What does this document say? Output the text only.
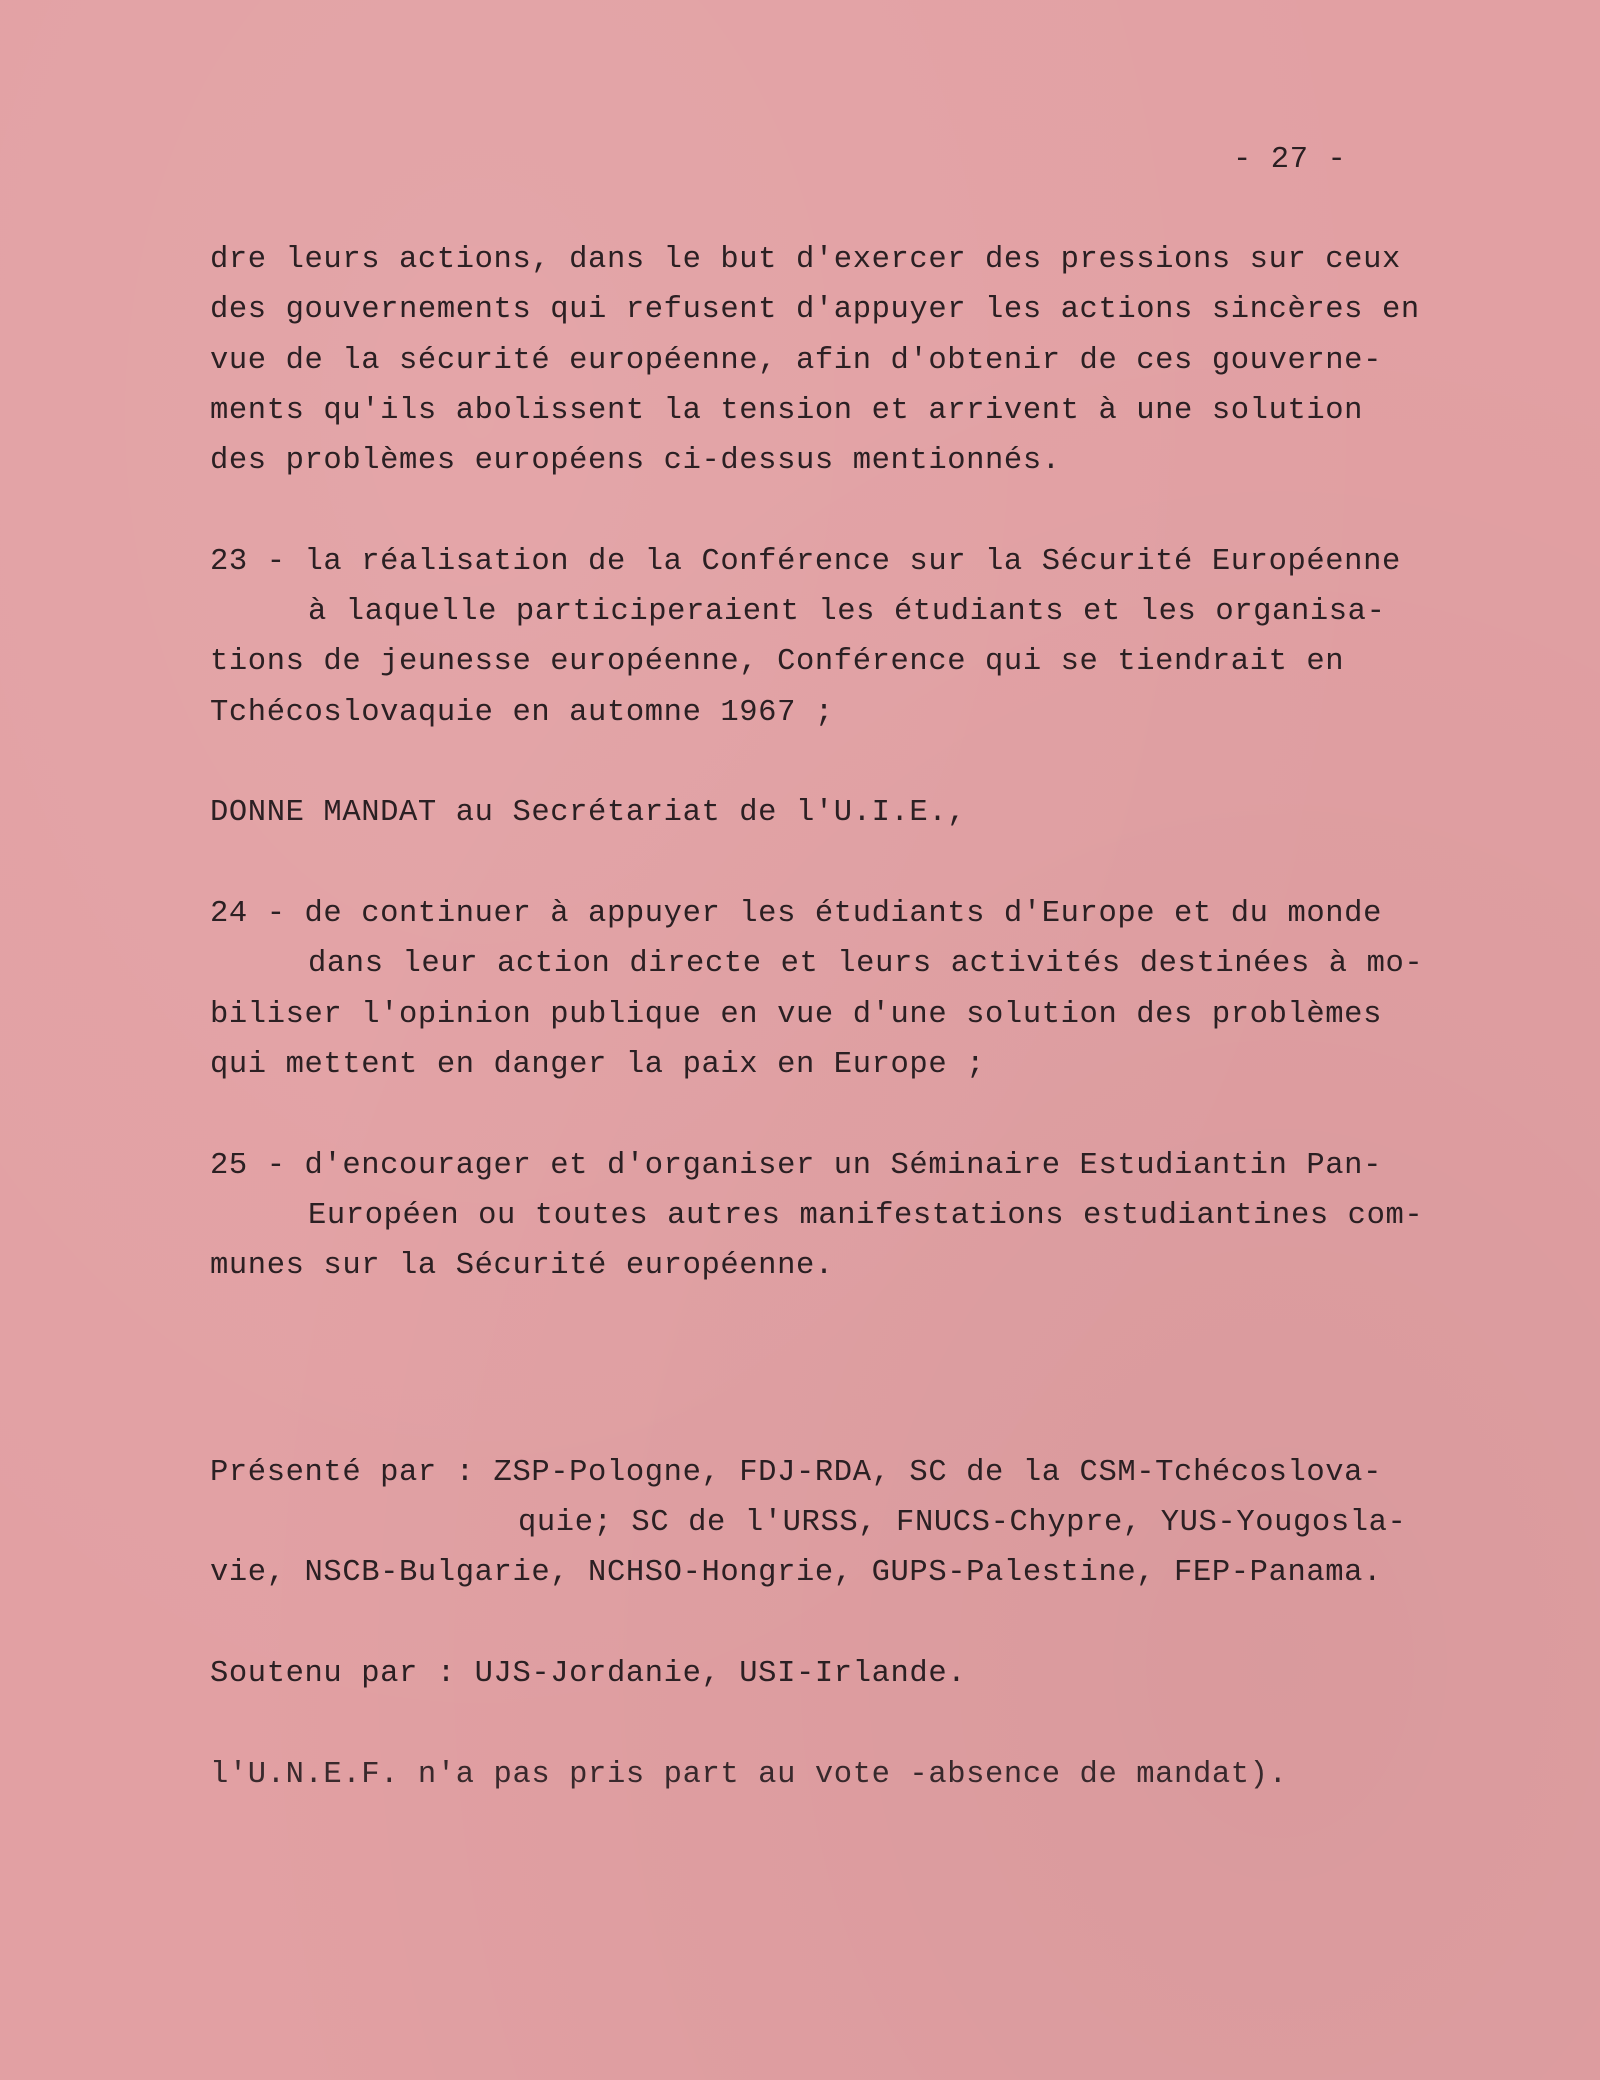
- 27 -
dre leurs actions, dans le but d'exercer des pressions sur ceux
des gouvernements qui refusent d'appuyer les actions sincères en
vue de la sécurité européenne, afin d'obtenir de ces gouverne-
ments qu'ils abolissent la tension et arrivent à une solution
des problèmes européens ci-dessus mentionnés.
23 - la réalisation de la Conférence sur la Sécurité Européenne
à laquelle participeraient les étudiants et les organisa-
tions de jeunesse européenne, Conférence qui se tiendrait en
Tchécoslovaquie en automne 1967 ;
DONNE MANDAT au Secrétariat de l'U.I.E.,
24 - de continuer à appuyer les étudiants d'Europe et du monde
dans leur action directe et leurs activités destinées à mo-
biliser l'opinion publique en vue d'une solution des problèmes
qui mettent en danger la paix en Europe ;
25 - d'encourager et d'organiser un Séminaire Estudiantin Pan-
Européen ou toutes autres manifestations estudiantines com-
munes sur la Sécurité européenne.
Présenté par : ZSP-Pologne, FDJ-RDA, SC de la CSM-Tchécoslova-
quie; SC de l'URSS, FNUCS-Chypre, YUS-Yougosla-
vie, NSCB-Bulgarie, NCHSO-Hongrie, GUPS-Palestine, FEP-Panama.
Soutenu par : UJS-Jordanie, USI-Irlande.
l'U.N.E.F. n'a pas pris part au vote -absence de mandat).
